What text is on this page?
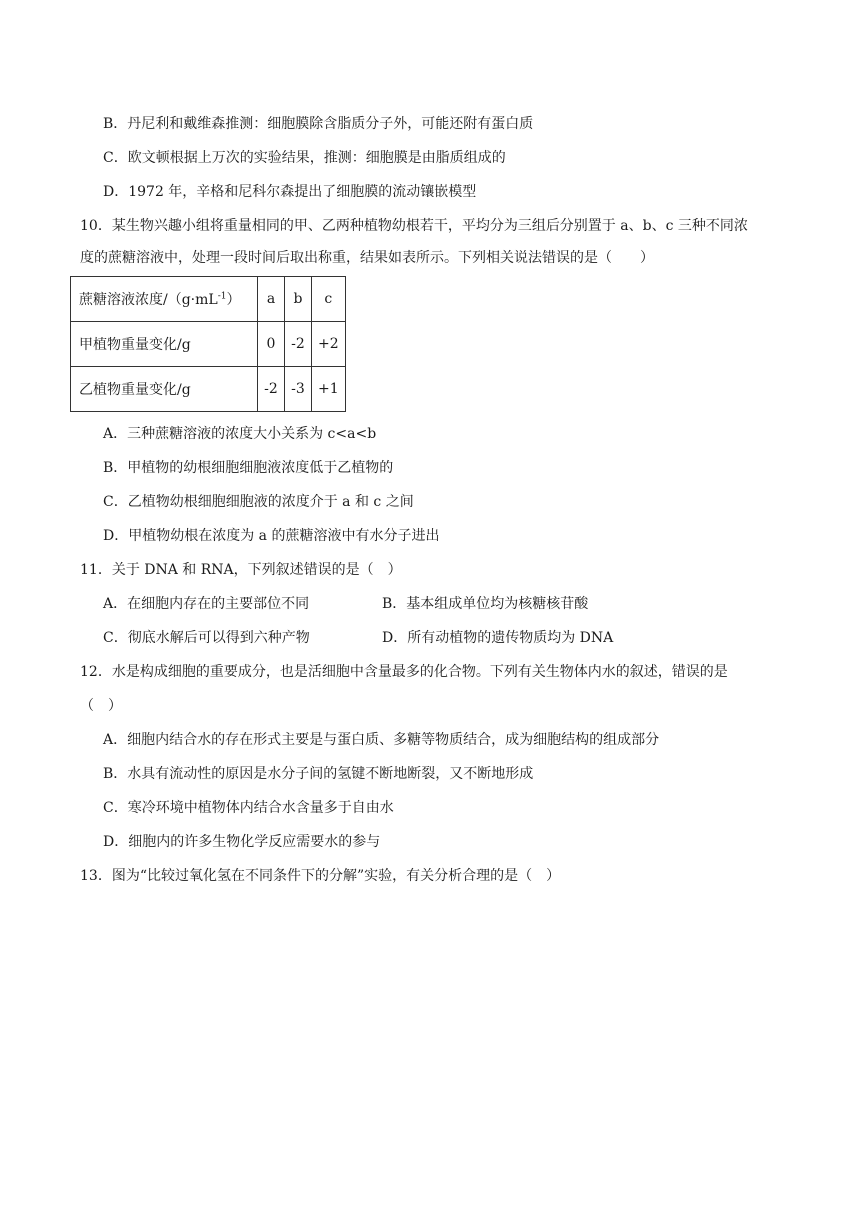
B．丹尼利和戴维森推测：细胞膜除含脂质分子外，可能还附有蛋白质
C．欧文顿根据上万次的实验结果，推测：细胞膜是由脂质组成的
D．1972 年，辛格和尼科尔森提出了细胞膜的流动镶嵌模型
10．某生物兴趣小组将重量相同的甲、乙两种植物幼根若干，平均分为三组后分别置于 a、b、c 三种不同浓
度的蔗糖溶液中，处理一段时间后取出称重，结果如表所示。下列相关说法错误的是（　　）
蔗糖溶液浓度$/(g\cdot mL^{-1})$	a	b	c
甲植物重量变化/g	0	-2	+2
乙植物重量变化/g	-2	-3	+1
A．三种蔗糖溶液的浓度大小关系为 c<a<b
B．甲植物的幼根细胞细胞液浓度低于乙植物的
C．乙植物幼根细胞细胞液的浓度介于 a 和 c 之间
D．甲植物幼根在浓度为 a 的蔗糖溶液中有水分子进出
11．关于 DNA 和 RNA，下列叙述错误的是（　）
A．在细胞内存在的主要部位不同	B．基本组成单位均为核糖核苷酸
C．彻底水解后可以得到六种产物	D．所有动植物的遗传物质均为 DNA
12．水是构成细胞的重要成分，也是活细胞中含量最多的化合物。下列有关生物体内水的叙述，错误的是
（　）
A．细胞内结合水的存在形式主要是与蛋白质、多糖等物质结合，成为细胞结构的组成部分
B．水具有流动性的原因是水分子间的氢键不断地断裂，又不断地形成
C．寒冷环境中植物体内结合水含量多于自由水
D．细胞内的许多生物化学反应需要水的参与
13．图为“比较过氧化氢在不同条件下的分解”实验，有关分析合理的是（　）
